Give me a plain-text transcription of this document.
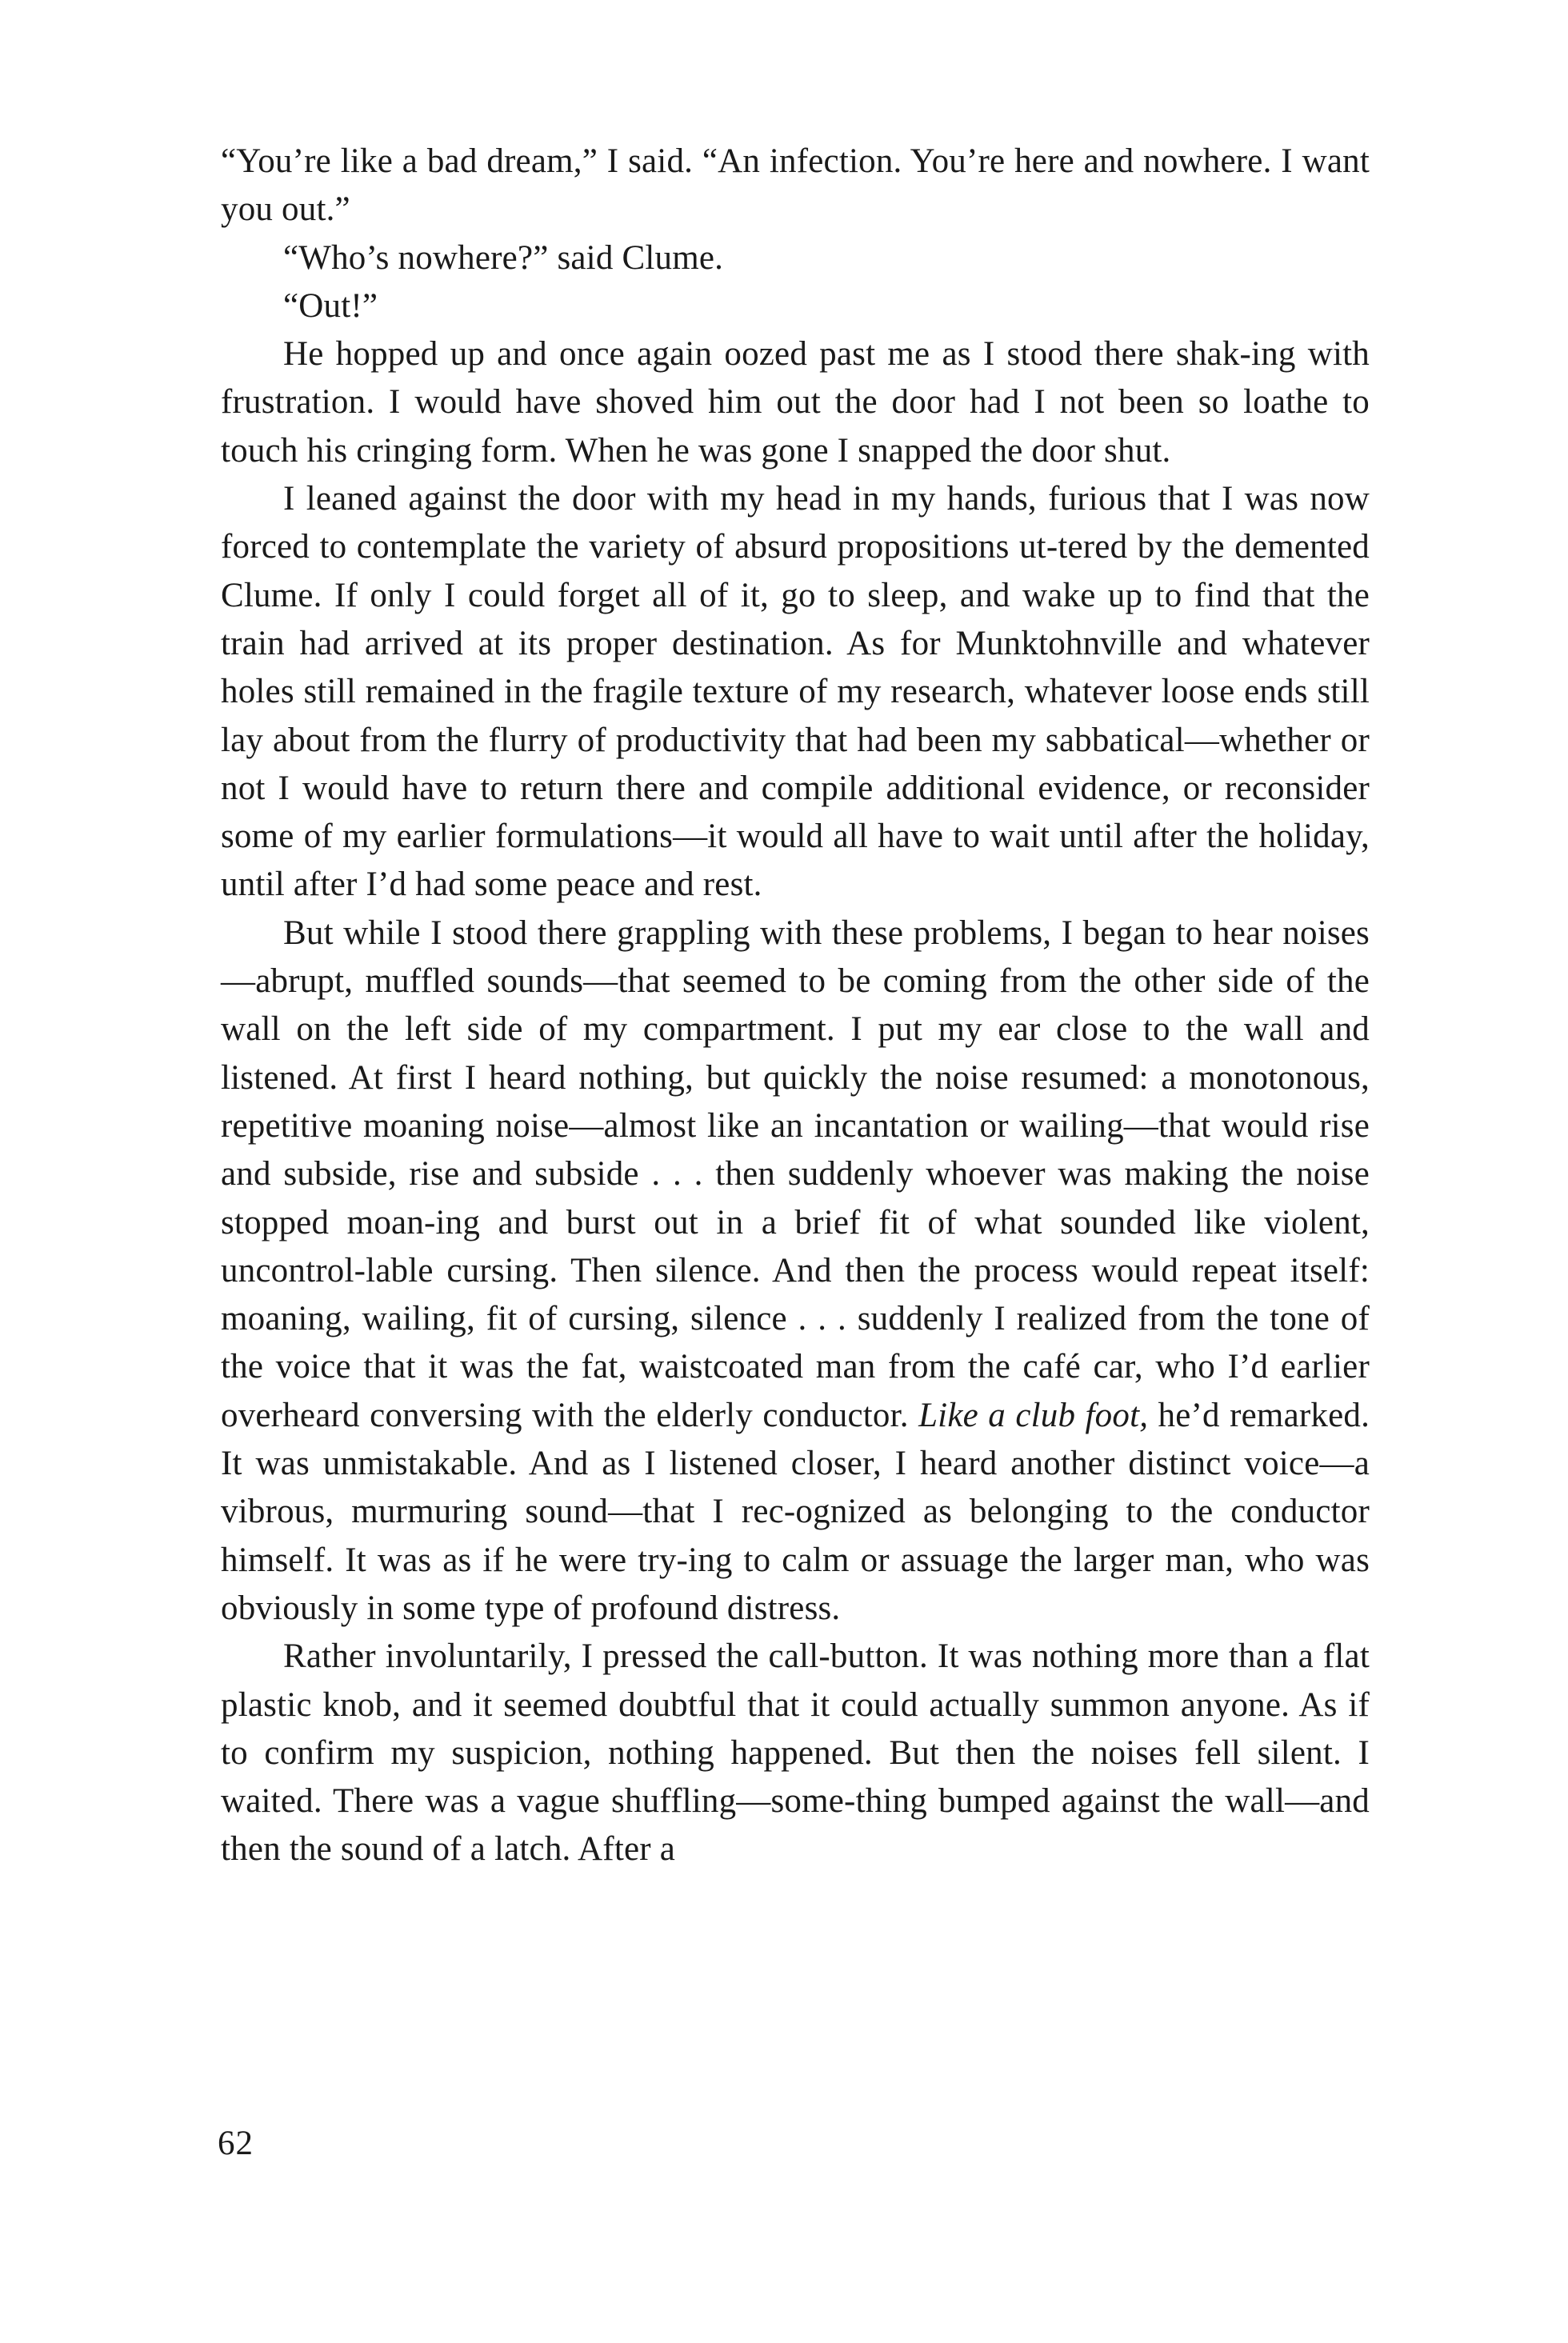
“You’re like a bad dream,” I said. “An infection. You’re here and nowhere. I want you out.”

“Who’s nowhere?” said Clume.

“Out!”

He hopped up and once again oozed past me as I stood there shak-ing with frustration. I would have shoved him out the door had I not been so loathe to touch his cringing form. When he was gone I snapped the door shut.

I leaned against the door with my head in my hands, furious that I was now forced to contemplate the variety of absurd propositions ut-tered by the demented Clume. If only I could forget all of it, go to sleep, and wake up to find that the train had arrived at its proper destination. As for Munktohnville and whatever holes still remained in the fragile texture of my research, whatever loose ends still lay about from the flurry of productivity that had been my sabbatical—whether or not I would have to return there and compile additional evidence, or reconsider some of my earlier formulations—it would all have to wait until after the holiday, until after I’d had some peace and rest.

But while I stood there grappling with these problems, I began to hear noises—abrupt, muffled sounds—that seemed to be coming from the other side of the wall on the left side of my compartment. I put my ear close to the wall and listened. At first I heard nothing, but quickly the noise resumed: a monotonous, repetitive moaning noise—almost like an incantation or wailing—that would rise and subside, rise and subside . . . then suddenly whoever was making the noise stopped moan-ing and burst out in a brief fit of what sounded like violent, uncontrol-lable cursing. Then silence. And then the process would repeat itself: moaning, wailing, fit of cursing, silence . . . suddenly I realized from the tone of the voice that it was the fat, waistcoated man from the café car, who I’d earlier overheard conversing with the elderly conductor. Like a club foot, he’d remarked. It was unmistakable. And as I listened closer, I heard another distinct voice—a vibrous, murmuring sound—that I rec-ognized as belonging to the conductor himself. It was as if he were try-ing to calm or assuage the larger man, who was obviously in some type of profound distress.

Rather involuntarily, I pressed the call-button. It was nothing more than a flat plastic knob, and it seemed doubtful that it could actually summon anyone. As if to confirm my suspicion, nothing happened. But then the noises fell silent. I waited. There was a vague shuffling—some-thing bumped against the wall—and then the sound of a latch. After a

62
